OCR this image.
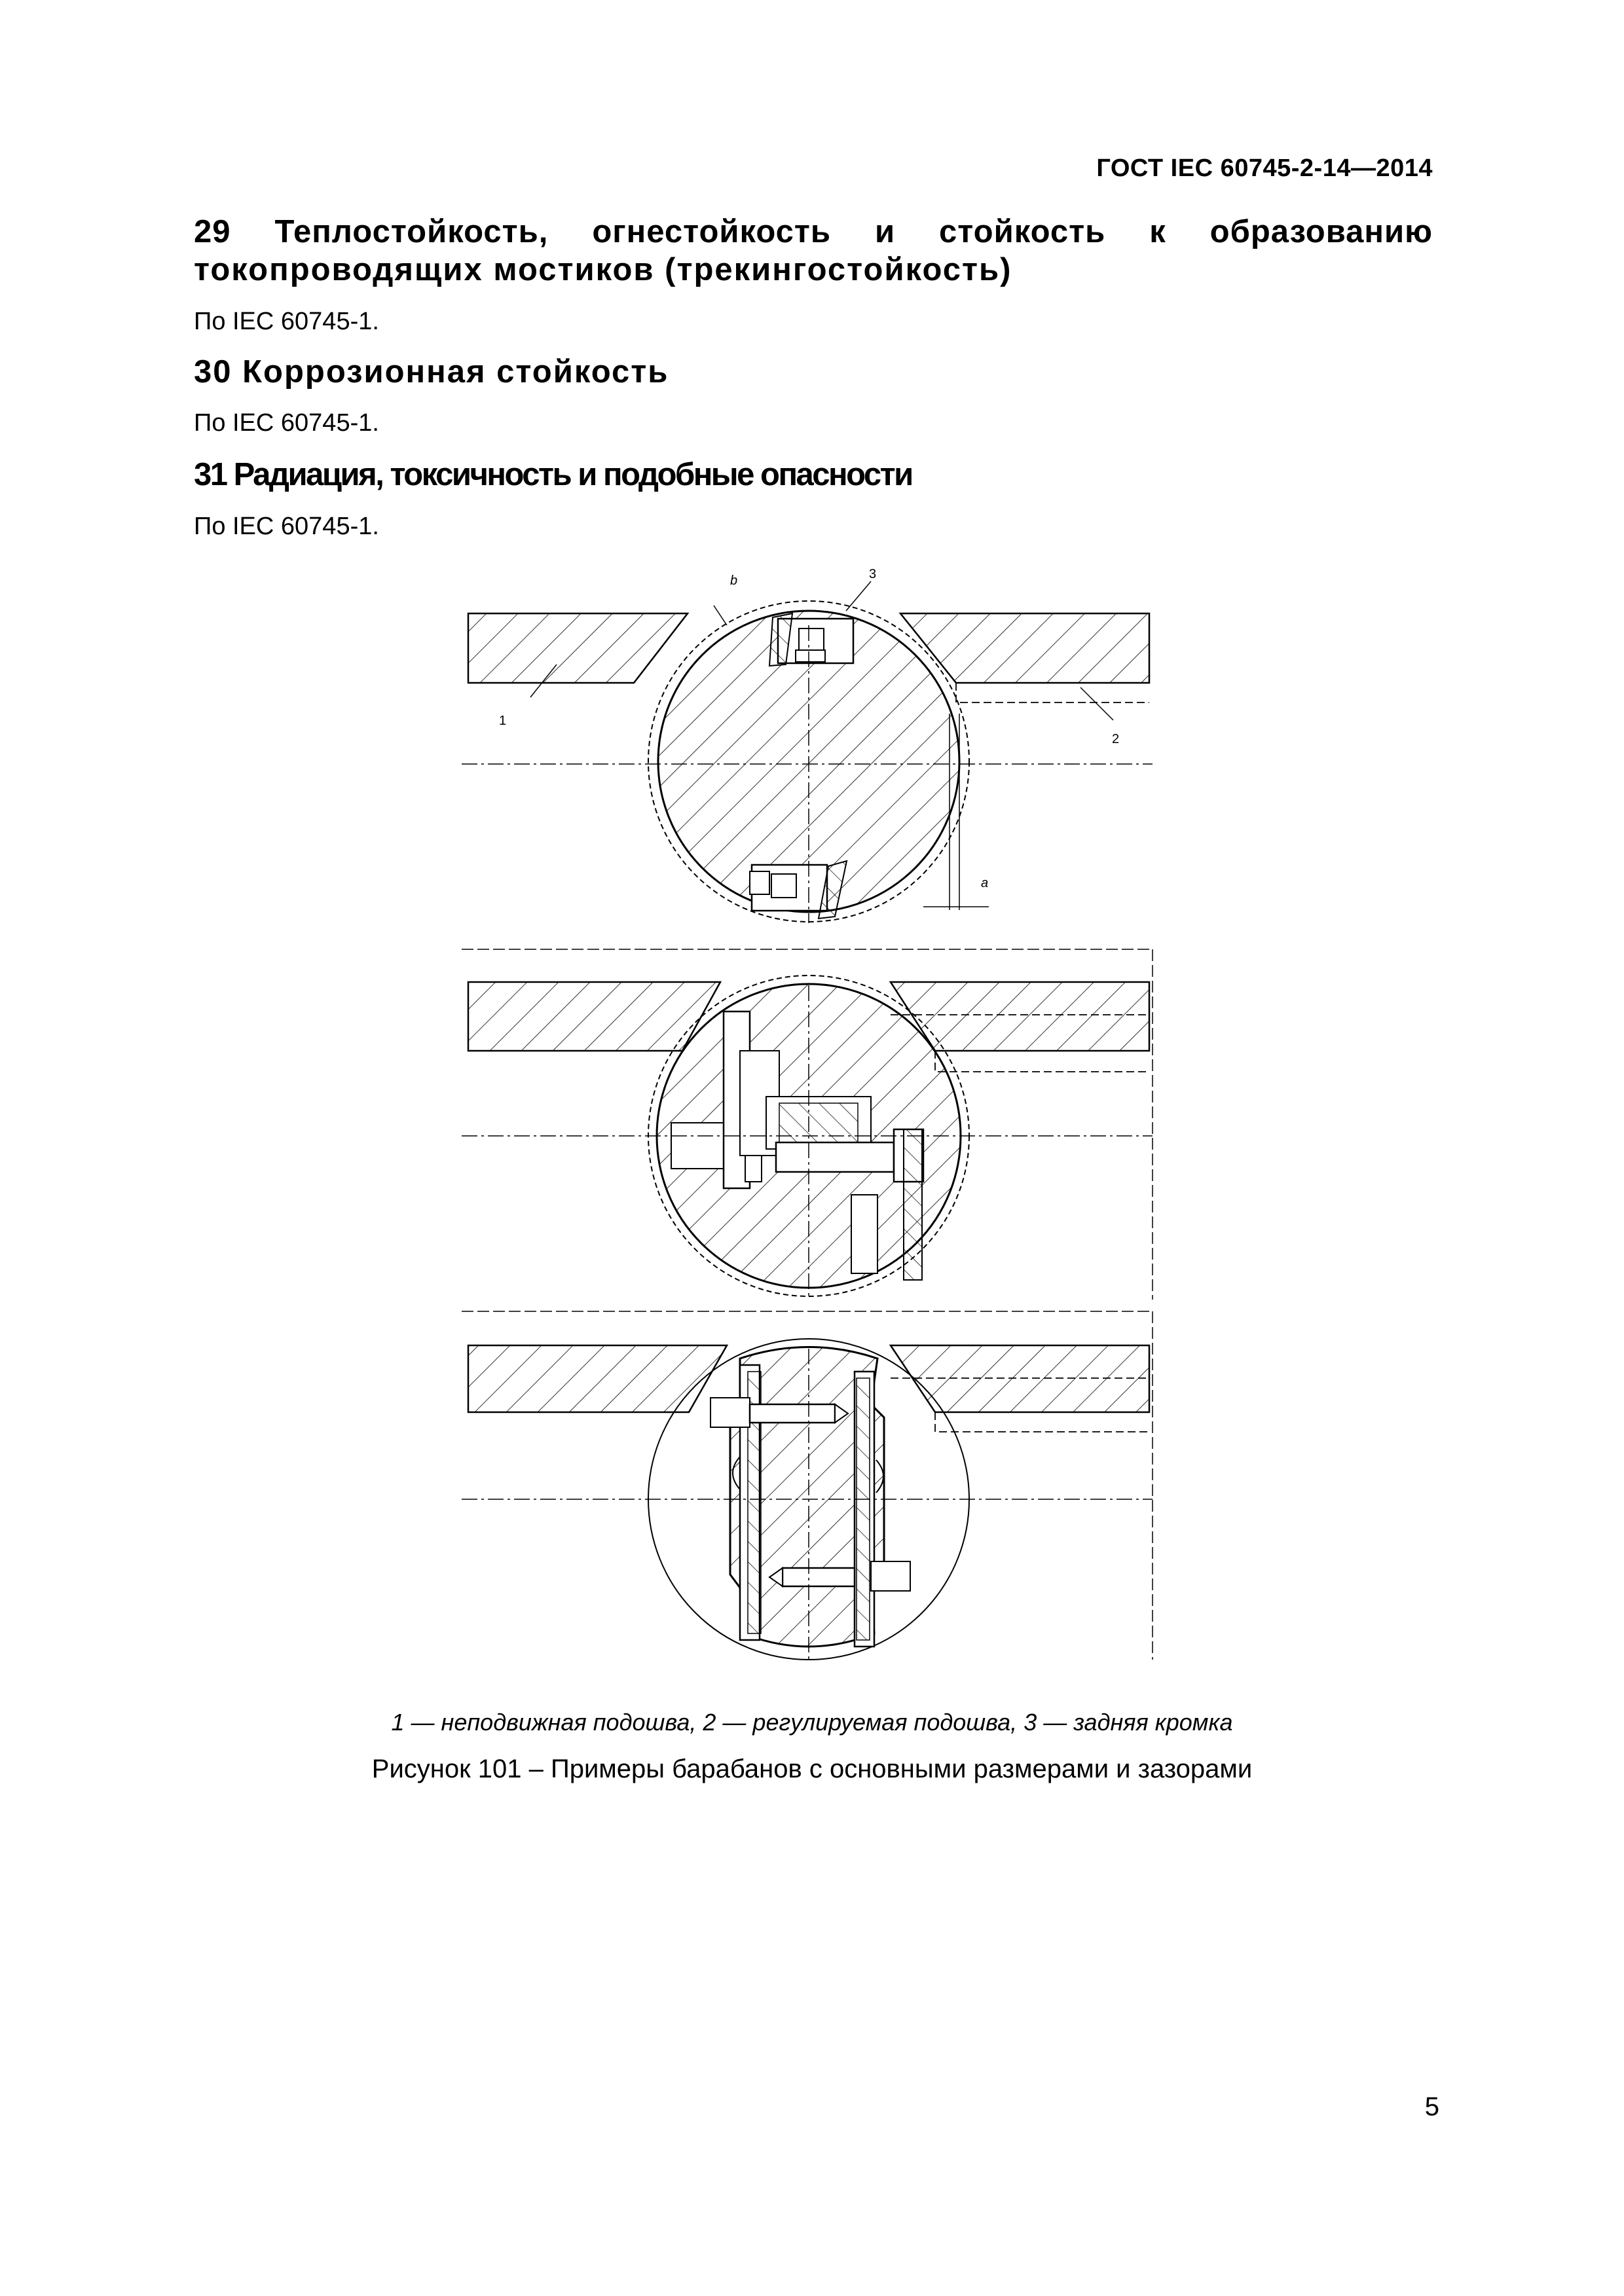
ГОСТ IEC 60745-2-14—2014
29 Теплостойкость, огнестойкость и стойкость к образованию
токопроводящих мостиков (трекингостойкость)

По IEC 60745-1.

30 Коррозионная стойкость

По IEC 60745-1.

31 Радиация, токсичность и подобные опасности

По IEC 60745-1.

b	3
1
2
a
1 — неподвижная подошва, 2 — регулируемая подошва, 3 — задняя кромка
Рисунок 101 – Примеры барабанов с основными размерами и зазорами
5
